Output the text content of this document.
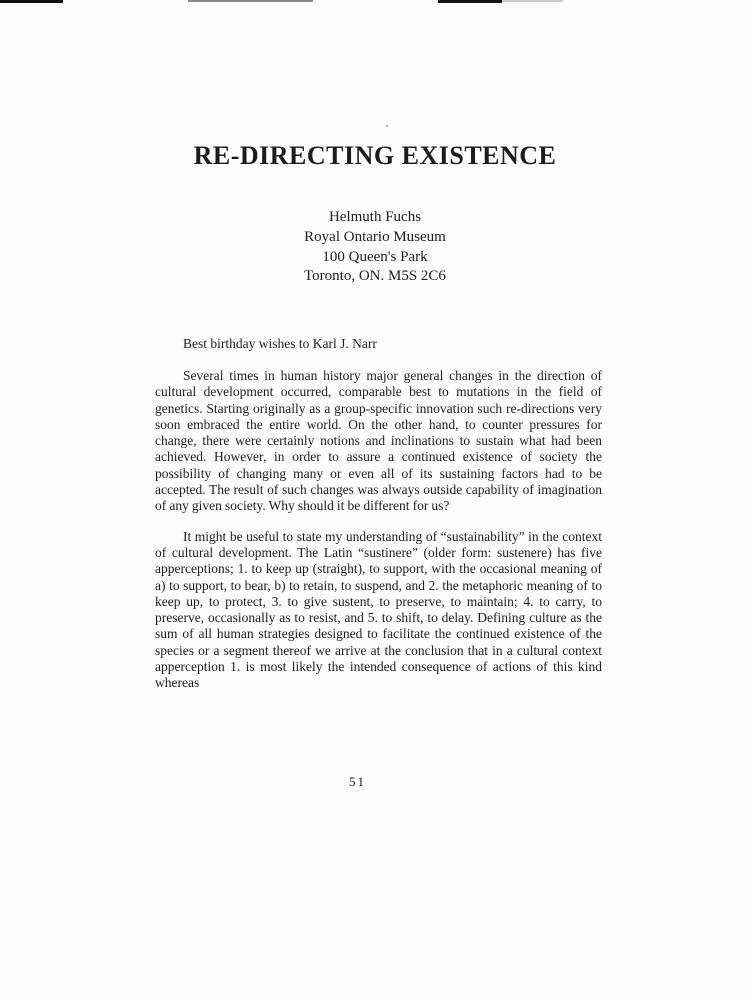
RE-DIRECTING EXISTENCE
Helmuth Fuchs
Royal Ontario Museum
100 Queen's Park
Toronto, ON. M5S 2C6
Best birthday wishes to Karl J. Narr

Several times in human history major general changes in the direction of cultural development occurred, comparable best to mutations in the field of genetics. Starting originally as a group-specific innovation such re-directions very soon embraced the entire world. On the other hand, to counter pressures for change, there were certainly notions and inclinations to sustain what had been achieved. However, in order to assure a continued existence of society the possibility of changing many or even all of its sustaining factors had to be accepted. The result of such changes was always outside capability of imagination of any given society. Why should it be different for us?

It might be useful to state my understanding of “sustainability” in the context of cultural development. The Latin “sustinere” (older form: sustenere) has five apperceptions; 1. to keep up (straight), to support, with the occasional meaning of a) to support, to bear, b) to retain, to suspend, and 2. the metaphoric meaning of to keep up, to protect, 3. to give sustent, to preserve, to maintain; 4. to carry, to preserve, occasionally as to resist, and 5. to shift, to delay. Defining culture as the sum of all human strategies designed to facilitate the continued existence of the species or a segment thereof we arrive at the conclusion that in a cultural context apperception 1. is most likely the intended consequence of actions of this kind whereas

51
